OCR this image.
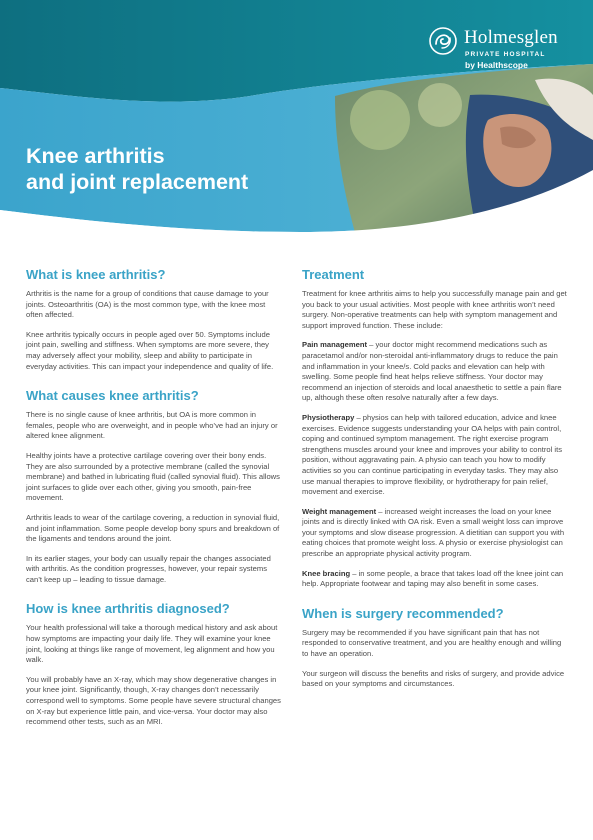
Holmesglen
PRIVATE HOSPITAL
by Healthscope
Knee arthritis
and joint replacement
What is knee arthritis?

Arthritis is the name for a group of conditions that cause damage to your joints. Osteoarthritis (OA) is the most common type, with the knee most often affected.

Knee arthritis typically occurs in people aged over 50. Symptoms include joint pain, swelling and stiffness. When symptoms are more severe, they may adversely affect your mobility, sleep and ability to participate in everyday activities. This can impact your independence and quality of life.

What causes knee arthritis?

There is no single cause of knee arthritis, but OA is more common in females, people who are overweight, and in people who’ve had an injury or altered knee alignment.

Healthy joints have a protective cartilage covering over their bony ends. They are also surrounded by a protective membrane (called the synovial membrane) and bathed in lubricating fluid (called synovial fluid). This allows joint surfaces to glide over each other, giving you smooth, pain-free movement.

Arthritis leads to wear of the cartilage covering, a reduction in synovial fluid, and joint inflammation. Some people develop bony spurs and breakdown of the ligaments and tendons around the joint.

In its earlier stages, your body can usually repair the changes associated with arthritis. As the condition progresses, however, your repair systems can’t keep up – leading to tissue damage.

How is knee arthritis diagnosed?

Your health professional will take a thorough medical history and ask about how symptoms are impacting your daily life. They will examine your knee joint, looking at things like range of movement, leg alignment and how you walk.

You will probably have an X-ray, which may show degenerative changes in your knee joint. Significantly, though, X-ray changes don’t necessarily correspond well to symptoms. Some people have severe structural changes on X-ray but experience little pain, and vice-versa. Your doctor may also recommend other tests, such as an MRI.

Treatment

Treatment for knee arthritis aims to help you successfully manage pain and get you back to your usual activities. Most people with knee arthritis won’t need surgery. Non-operative treatments can help with symptom management and support improved function. These include:

Pain management – your doctor might recommend medications such as paracetamol and/or non-steroidal anti-inflammatory drugs to reduce the pain and inflammation in your knee/s. Cold packs and elevation can help with swelling. Some people find heat helps relieve stiffness. Your doctor may recommend an injection of steroids and local anaesthetic to settle a pain flare up, although these often resolve naturally after a few days.

Physiotherapy – physios can help with tailored education, advice and knee exercises. Evidence suggests understanding your OA helps with pain control, coping and continued symptom management. The right exercise program strengthens muscles around your knee and improves your ability to control its position, without aggravating pain. A physio can teach you how to modify activities so you can continue participating in everyday tasks. They may also use manual therapies to improve flexibility, or hydrotherapy for pain relief, movement and exercise.

Weight management – increased weight increases the load on your knee joints and is directly linked with OA risk. Even a small weight loss can improve your symptoms and slow disease progression. A dietitian can support you with eating choices that promote weight loss. A physio or exercise physiologist can prescribe an appropriate physical activity program.

Knee bracing – in some people, a brace that takes load off the knee joint can help. Appropriate footwear and taping may also benefit in some cases.

When is surgery recommended?

Surgery may be recommended if you have significant pain that has not responded to conservative treatment, and you are healthy enough and willing to have an operation.

Your surgeon will discuss the benefits and risks of surgery, and provide advice based on your symptoms and circumstances.
